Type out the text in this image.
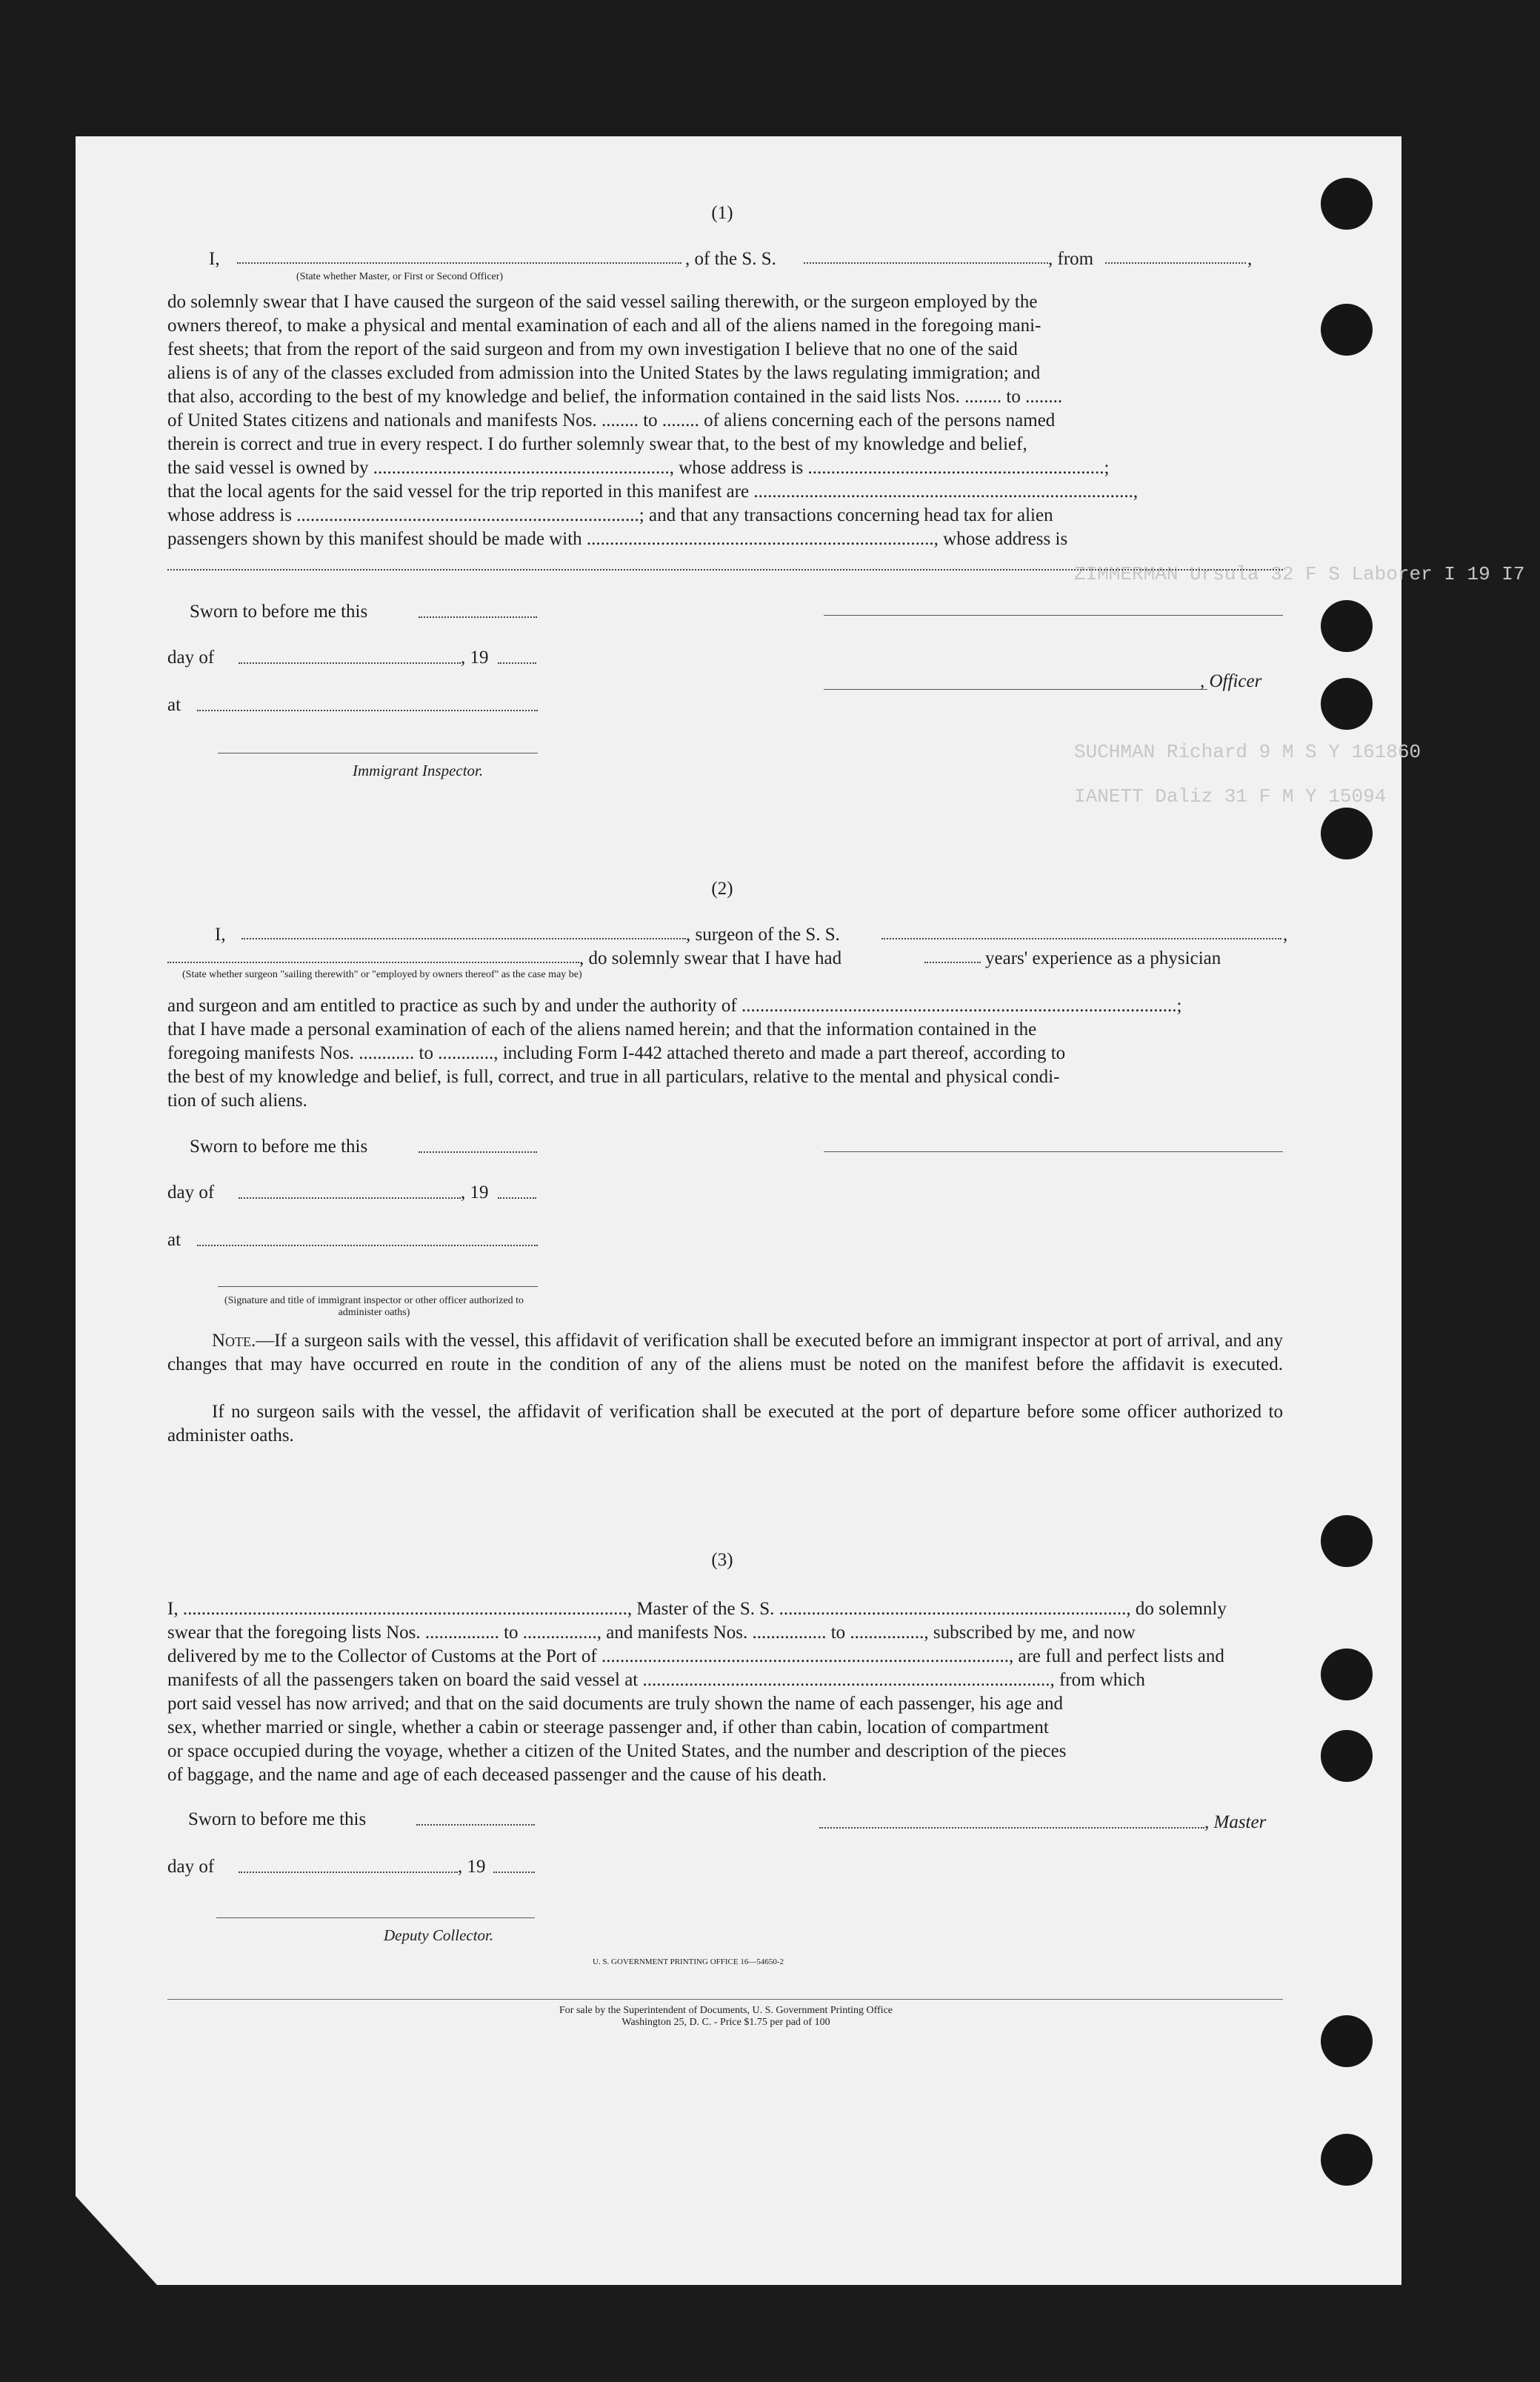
ZIMMERMAN Ursula 32 F S Laborer I 19 I7
SUCHMAN Richard 9 M S Y 161860
IANETT Daliz 31 F M Y 15094
(1)
I,	, of the S. S.	, from	,
(State whether Master, or First or Second Officer)
do solemnly swear that I have caused the surgeon of the said vessel sailing therewith, or the surgeon employed by the
owners thereof, to make a physical and mental examination of each and all of the aliens named in the foregoing mani-
fest sheets; that from the report of the said surgeon and from my own investigation I believe that no one of the said
aliens is of any of the classes excluded from admission into the United States by the laws regulating immigration; and
that also, according to the best of my knowledge and belief, the information contained in the said lists Nos. ........ to ........
of United States citizens and nationals and manifests Nos. ........ to ........ of aliens concerning each of the persons named
therein is correct and true in every respect. I do further solemnly swear that, to the best of my knowledge and belief,
the said vessel is owned by ................................................................, whose address is ................................................................;
that the local agents for the said vessel for the trip reported in this manifest are ..................................................................................,
whose address is ..........................................................................; and that any transactions concerning head tax for alien
passengers shown by this manifest should be made with ..........................................................................., whose address is
Sworn to before me this
day of	, 19
, Officer
at
Immigrant Inspector.
(2)
I,	, surgeon of the S. S.	,
, do solemnly swear that I have had	years' experience as a physician
(State whether surgeon "sailing therewith" or "employed by owners thereof" as the case may be)
and surgeon and am entitled to practice as such by and under the authority of ..............................................................................................;
that I have made a personal examination of each of the aliens named herein; and that the information contained in the
foregoing manifests Nos. ............ to ............, including Form I-442 attached thereto and made a part thereof, according to
the best of my knowledge and belief, is full, correct, and true in all particulars, relative to the mental and physical condi-
tion of such aliens.
Sworn to before me this
day of	, 19
at
(Signature and title of immigrant inspector or other officer authorized to administer oaths)
Note.—If a surgeon sails with the vessel, this affidavit of verification shall be executed before an immigrant inspector at port of arrival, and any changes that may have occurred en route in the condition of any of the aliens must be noted on the manifest before the affidavit is executed.
If no surgeon sails with the vessel, the affidavit of verification shall be executed at the port of departure before some officer authorized to administer oaths.
(3)
I, ................................................................................................, Master of the S. S. ..........................................................................., do solemnly
swear that the foregoing lists Nos. ................ to ................, and manifests Nos. ................ to ................, subscribed by me, and now
delivered by me to the Collector of Customs at the Port of ........................................................................................, are full and perfect lists and
manifests of all the passengers taken on board the said vessel at ........................................................................................, from which
port said vessel has now arrived; and that on the said documents are truly shown the name of each passenger, his age and
sex, whether married or single, whether a cabin or steerage passenger and, if other than cabin, location of compartment
or space occupied during the voyage, whether a citizen of the United States, and the number and description of the pieces
of baggage, and the name and age of each deceased passenger and the cause of his death.
Sworn to before me this	, Master
day of	, 19
Deputy Collector.
U. S. GOVERNMENT PRINTING OFFICE 16—54650-2
For sale by the Superintendent of Documents, U. S. Government Printing Office
Washington 25, D. C. - Price $1.75 per pad of 100
